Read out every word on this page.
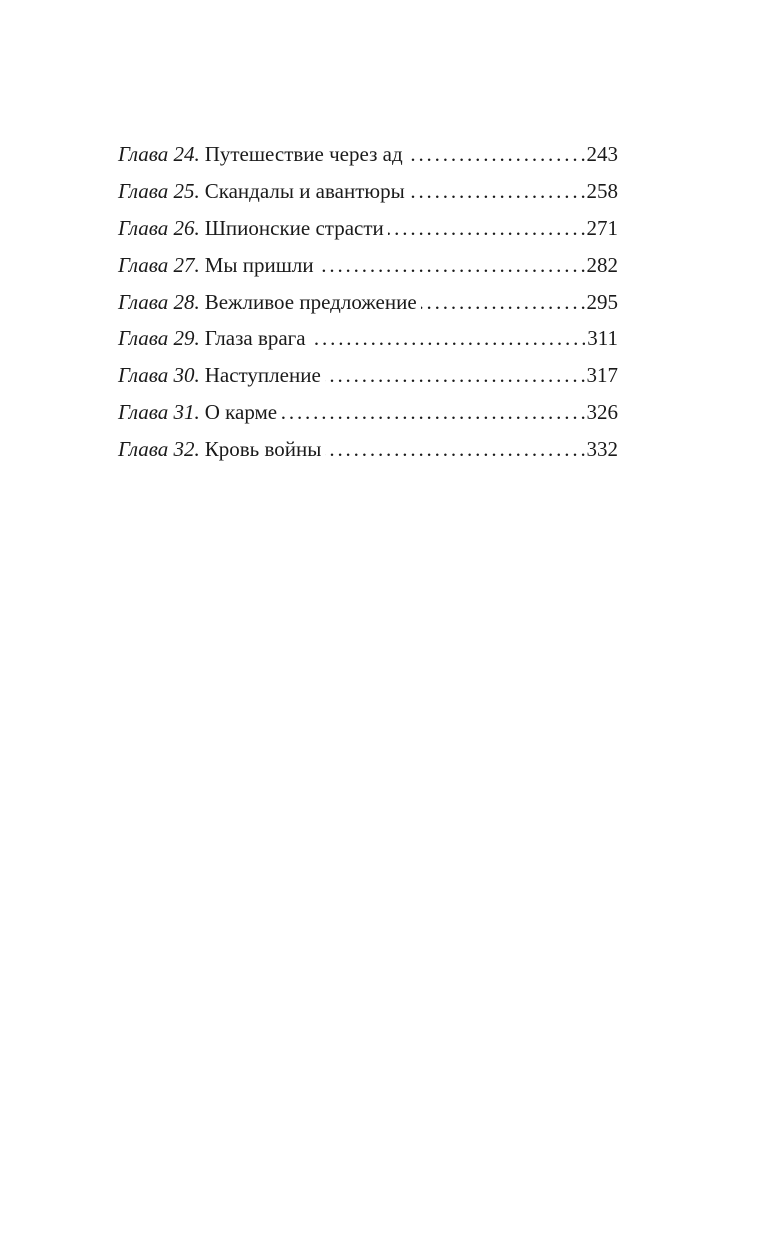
Глава 24. Путешествие через ад . . .	243
Глава 25. Скандалы и авантюры . . .	258
Глава 26. Шпионские страсти . . .	271
Глава 27. Мы пришли . . .	282
Глава 28. Вежливое предложение . . .	295
Глава 29. Глаза врага . . .	311
Глава 30. Наступление . . .	317
Глава 31. О карме . . .	326
Глава 32. Кровь войны . . .	332
